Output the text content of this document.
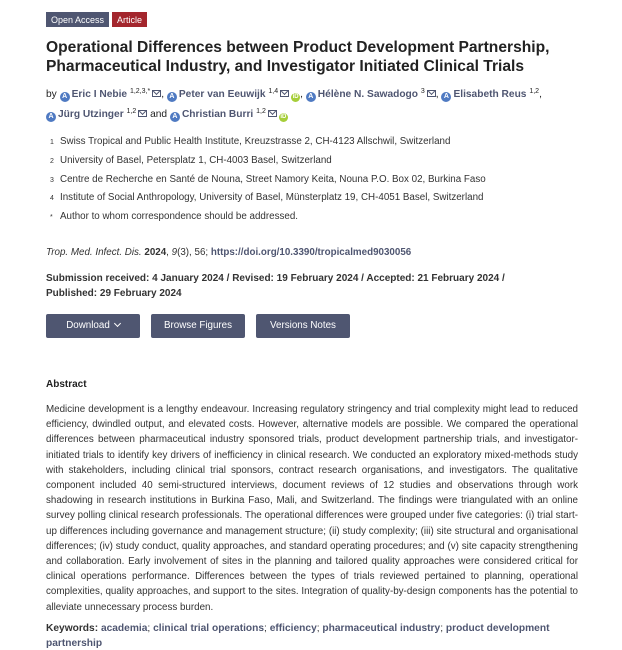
Open Access	Article
Operational Differences between Product Development Partnership, Pharmaceutical Industry, and Investigator Initiated Clinical Trials
by A Eric I Nebie $^{1,2,3,*}$ , A Peter van Eeuwijk $^{1,4}$iD , A Hélène N. Sawadogo $^3$ , A Elisabeth Reus $^{1,2}$, A Jürg Utzinger $^{1,2}$ and A Christian Burri $^{1,2}$iD
1 Swiss Tropical and Public Health Institute, Kreuzstrasse 2, CH-4123 Allschwil, Switzerland
2 University of Basel, Petersplatz 1, CH-4003 Basel, Switzerland
3 Centre de Recherche en Santé de Nouna, Street Namory Keita, Nouna P.O. Box 02, Burkina Faso
4 Institute of Social Anthropology, University of Basel, Münsterplatz 19, CH-4051 Basel, Switzerland
* Author to whom correspondence should be addressed.
Trop. Med. Infect. Dis. 2024, 9(3), 56; https://doi.org/10.3390/tropicalmed9030056
Submission received: 4 January 2024 / Revised: 19 February 2024 / Accepted: 21 February 2024 /
Published: 29 February 2024
Download	Browse Figures	Versions Notes
Abstract

Medicine development is a lengthy endeavour. Increasing regulatory stringency and trial complexity might lead to reduced efficiency, dwindled output, and elevated costs. However, alternative models are possible. We compared the operational differences between pharmaceutical industry sponsored trials, product development partnership trials, and investigator-initiated trials to identify key drivers of inefficiency in clinical research. We conducted an exploratory mixed-methods study with stakeholders, including clinical trial sponsors, contract research organisations, and investigators. The qualitative component included 40 semi-structured interviews, document reviews of 12 studies and observations through work shadowing in research institutions in Burkina Faso, Mali, and Switzerland. The findings were triangulated with an online survey polling clinical research professionals. The operational differences were grouped under five categories: (i) trial start-up differences including governance and management structure; (ii) study complexity; (iii) site structural and organisational differences; (iv) study conduct, quality approaches, and standard operating procedures; and (v) site capacity strengthening and collaboration. Early involvement of sites in the planning and tailored quality approaches were considered critical for clinical operations performance. Differences between the types of trials reviewed pertained to planning, operational complexities, quality approaches, and support to the sites. Integration of quality-by-design components has the potential to alleviate unnecessary process burden.

Keywords: academia; clinical trial operations; efficiency; pharmaceutical industry; product development partnership
